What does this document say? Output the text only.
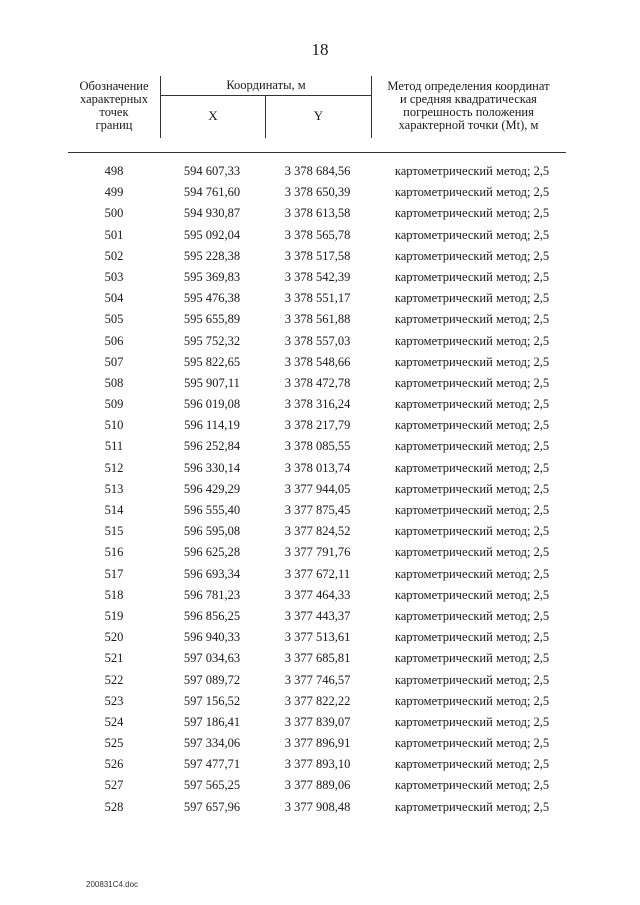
18
Обозначение
характерных
точек
границ
Координаты, м
X	Y
Метод определения координат
и средняя квадратическая
погрешность положения
характерной точки (Mt), м
498	594 607,33	3 378 684,56	картометрический метод; 2,5
499	594 761,60	3 378 650,39	картометрический метод; 2,5
500	594 930,87	3 378 613,58	картометрический метод; 2,5
501	595 092,04	3 378 565,78	картометрический метод; 2,5
502	595 228,38	3 378 517,58	картометрический метод; 2,5
503	595 369,83	3 378 542,39	картометрический метод; 2,5
504	595 476,38	3 378 551,17	картометрический метод; 2,5
505	595 655,89	3 378 561,88	картометрический метод; 2,5
506	595 752,32	3 378 557,03	картометрический метод; 2,5
507	595 822,65	3 378 548,66	картометрический метод; 2,5
508	595 907,11	3 378 472,78	картометрический метод; 2,5
509	596 019,08	3 378 316,24	картометрический метод; 2,5
510	596 114,19	3 378 217,79	картометрический метод; 2,5
511	596 252,84	3 378 085,55	картометрический метод; 2,5
512	596 330,14	3 378 013,74	картометрический метод; 2,5
513	596 429,29	3 377 944,05	картометрический метод; 2,5
514	596 555,40	3 377 875,45	картометрический метод; 2,5
515	596 595,08	3 377 824,52	картометрический метод; 2,5
516	596 625,28	3 377 791,76	картометрический метод; 2,5
517	596 693,34	3 377 672,11	картометрический метод; 2,5
518	596 781,23	3 377 464,33	картометрический метод; 2,5
519	596 856,25	3 377 443,37	картометрический метод; 2,5
520	596 940,33	3 377 513,61	картометрический метод; 2,5
521	597 034,63	3 377 685,81	картометрический метод; 2,5
522	597 089,72	3 377 746,57	картометрический метод; 2,5
523	597 156,52	3 377 822,22	картометрический метод; 2,5
524	597 186,41	3 377 839,07	картометрический метод; 2,5
525	597 334,06	3 377 896,91	картометрический метод; 2,5
526	597 477,71	3 377 893,10	картометрический метод; 2,5
527	597 565,25	3 377 889,06	картометрический метод; 2,5
528	597 657,96	3 377 908,48	картометрический метод; 2,5
200831C4.doc
